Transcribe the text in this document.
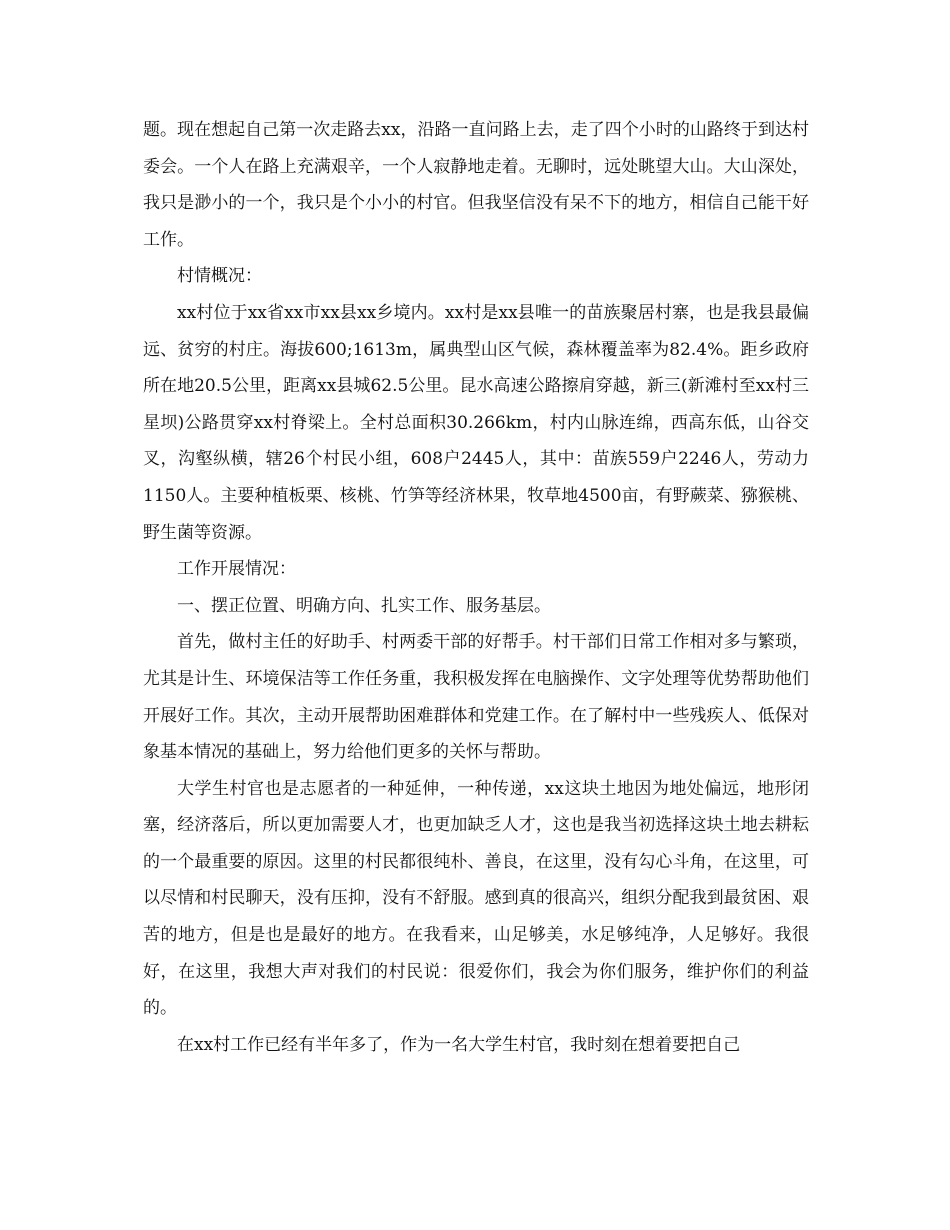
题。现在想起自己第一次走路去xx，沿路一直问路上去，走了四个小时的山路终于到达村委会。一个人在路上充满艰辛，一个人寂静地走着。无聊时，远处眺望大山。大山深处，我只是渺小的一个，我只是个小小的村官。但我坚信没有呆不下的地方，相信自己能干好工作。

村情概况：

xx村位于xx省xx市xx县xx乡境内。xx村是xx县唯一的苗族聚居村寨，也是我县最偏远、贫穷的村庄。海拔600;1613m，属典型山区气候，森林覆盖率为82.4%。距乡政府所在地20.5公里，距离xx县城62.5公里。昆水高速公路擦肩穿越，新三(新滩村至xx村三星坝)公路贯穿xx村脊梁上。全村总面积30.266km，村内山脉连绵，西高东低，山谷交叉，沟壑纵横，辖26个村民小组，608户2445人，其中：苗族559户2246人，劳动力1150人。主要种植板栗、核桃、竹笋等经济林果，牧草地4500亩，有野蕨菜、猕猴桃、野生菌等资源。

工作开展情况：

一、摆正位置、明确方向、扎实工作、服务基层。

首先，做村主任的好助手、村两委干部的好帮手。村干部们日常工作相对多与繁琐，尤其是计生、环境保洁等工作任务重，我积极发挥在电脑操作、文字处理等优势帮助他们开展好工作。其次，主动开展帮助困难群体和党建工作。在了解村中一些残疾人、低保对象基本情况的基础上，努力给他们更多的关怀与帮助。

大学生村官也是志愿者的一种延伸，一种传递，xx这块土地因为地处偏远，地形闭塞，经济落后，所以更加需要人才，也更加缺乏人才，这也是我当初选择这块土地去耕耘的一个最重要的原因。这里的村民都很纯朴、善良，在这里，没有勾心斗角，在这里，可以尽情和村民聊天，没有压抑，没有不舒服。感到真的很高兴，组织分配我到最贫困、艰苦的地方，但是也是最好的地方。在我看来，山足够美，水足够纯净，人足够好。我很好，在这里，我想大声对我们的村民说：很爱你们，我会为你们服务，维护你们的利益的。

在xx村工作已经有半年多了，作为一名大学生村官，我时刻在想着要把自己
